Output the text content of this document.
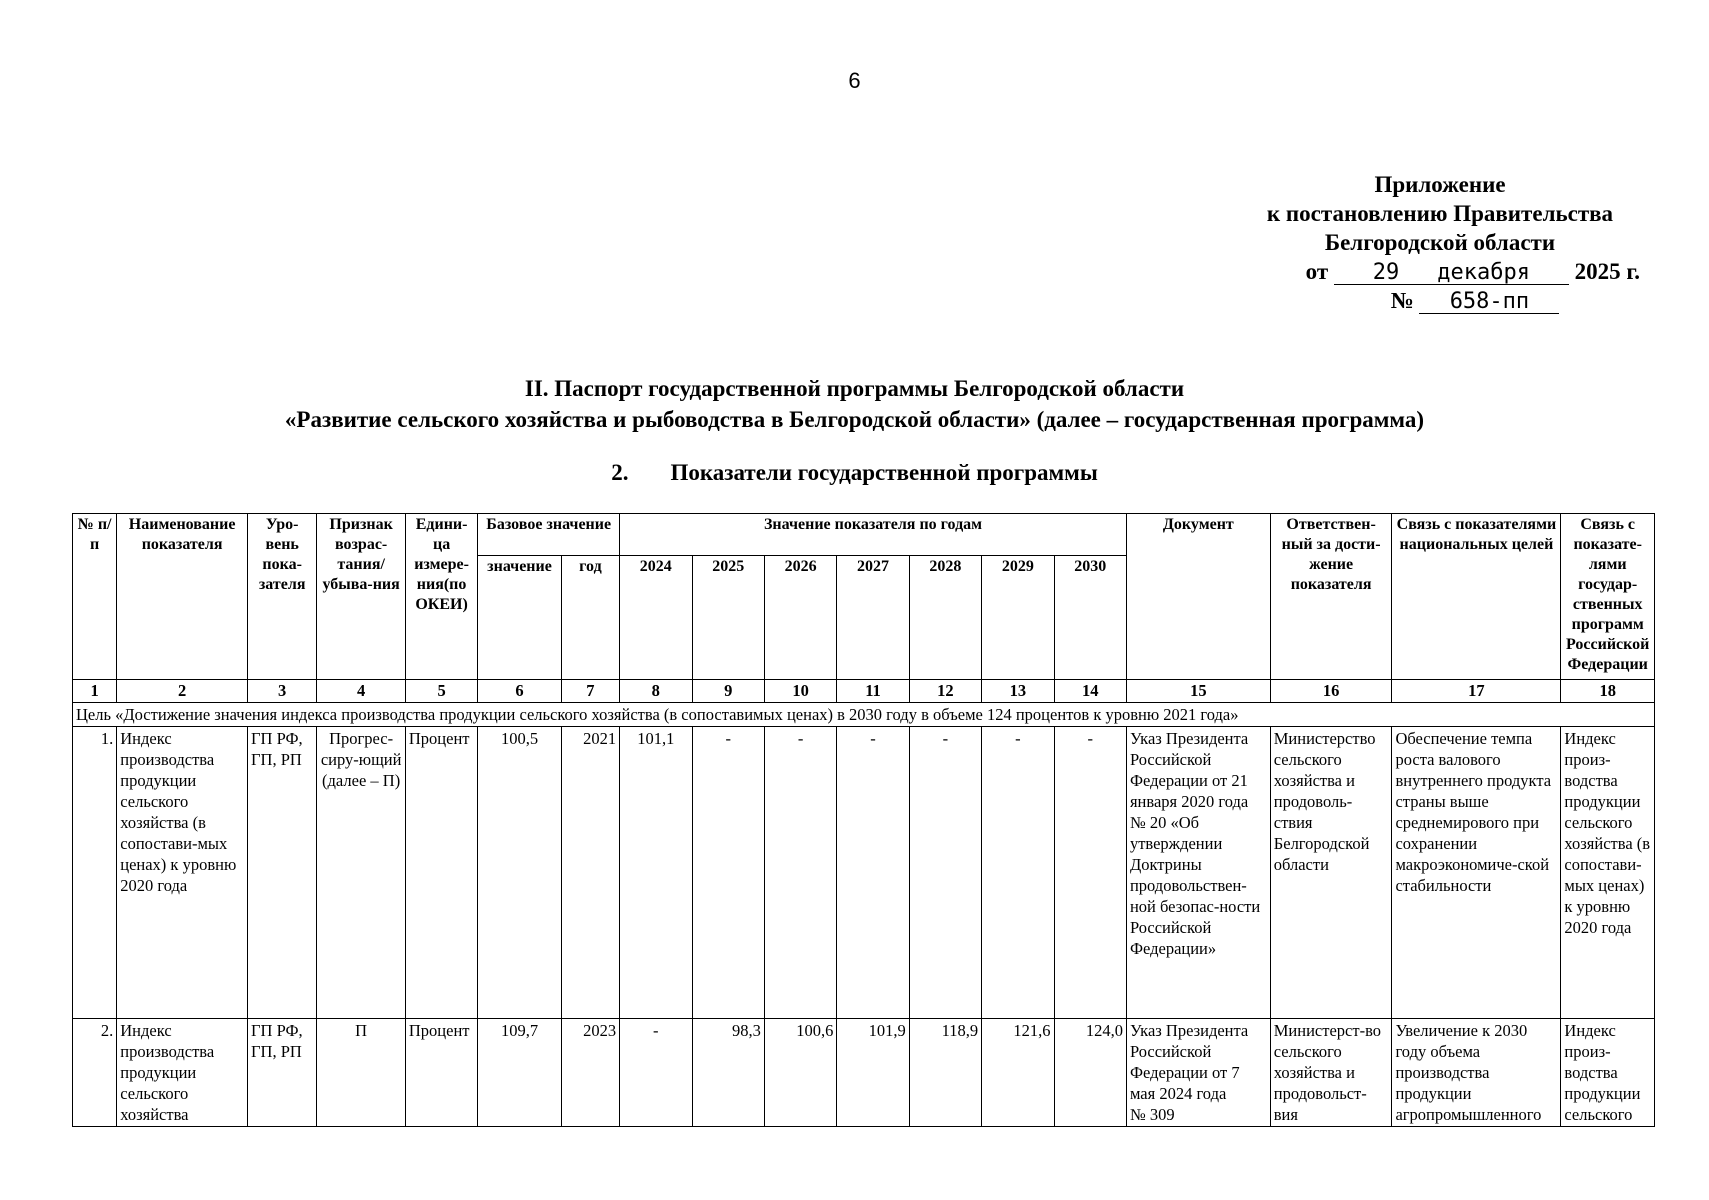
6
Приложение
к постановлению Правительства
Белгородской области
от 29 декабря 2025 г.
№ 658-пп
II. Паспорт государственной программы Белгородской области
«Развитие сельского хозяйства и рыбоводства в Белгородской области» (далее – государственная программа)
2. Показатели государственной программы
№ п/п	Наименование показателя	Уро-вень пока-зателя	Признак возрас-тания/ убыва-ния	Едини-ца измере-ния(по ОКЕИ)	Базовое значение		Значение показателя по годам							Документ	Ответствен-ный за дости-жение показателя	Связь с показателями национальных целей	Связь с показате-лями государ-ственных программ Российской Федерации
					значение	год	2024	2025	2026	2027	2028	2029	2030				
1	2	3	4	5	6	7	8	9	10	11	12	13	14	15	16	17	18
Цель «Достижение значения индекса производства продукции сельского хозяйства (в сопоставимых ценах) в 2030 году в объеме 124 процентов к уровню 2021 года»																	
1.	Индекс производства продукции сельского хозяйства (в сопостави-мых ценах) к уровню 2020 года	ГП РФ, ГП, РП	Прогрес-сиру-ющий (далее – П)	Процент	100,5	2021	101,1	-	-	-	-	-	-	Указ Президента Российской Федерации от 21 января 2020 года № 20 «Об утверждении Доктрины продовольствен-ной безопас-ности Российской Федерации»	Министерство сельского хозяйства и продоволь-ствия Белгородской области	Обеспечение темпа роста валового внутреннего продукта страны выше среднемирового при сохранении макроэкономиче-ской стабильности	Индекс произ-водства продукции сельского хозяйства (в сопостави-мых ценах) к уровню 2020 года
2.	Индекс производства продукции сельского хозяйства	ГП РФ, ГП, РП	П	Процент	109,7	2023	-	98,3	100,6	101,9	118,9	121,6	124,0	Указ Президента Российской Федерации от 7 мая 2024 года№ 309	Министерст-во сельского хозяйства и продовольст-вия	Увеличение к 2030 году объема производства продукции агропромышленного	Индекс произ-водства продукции сельского
